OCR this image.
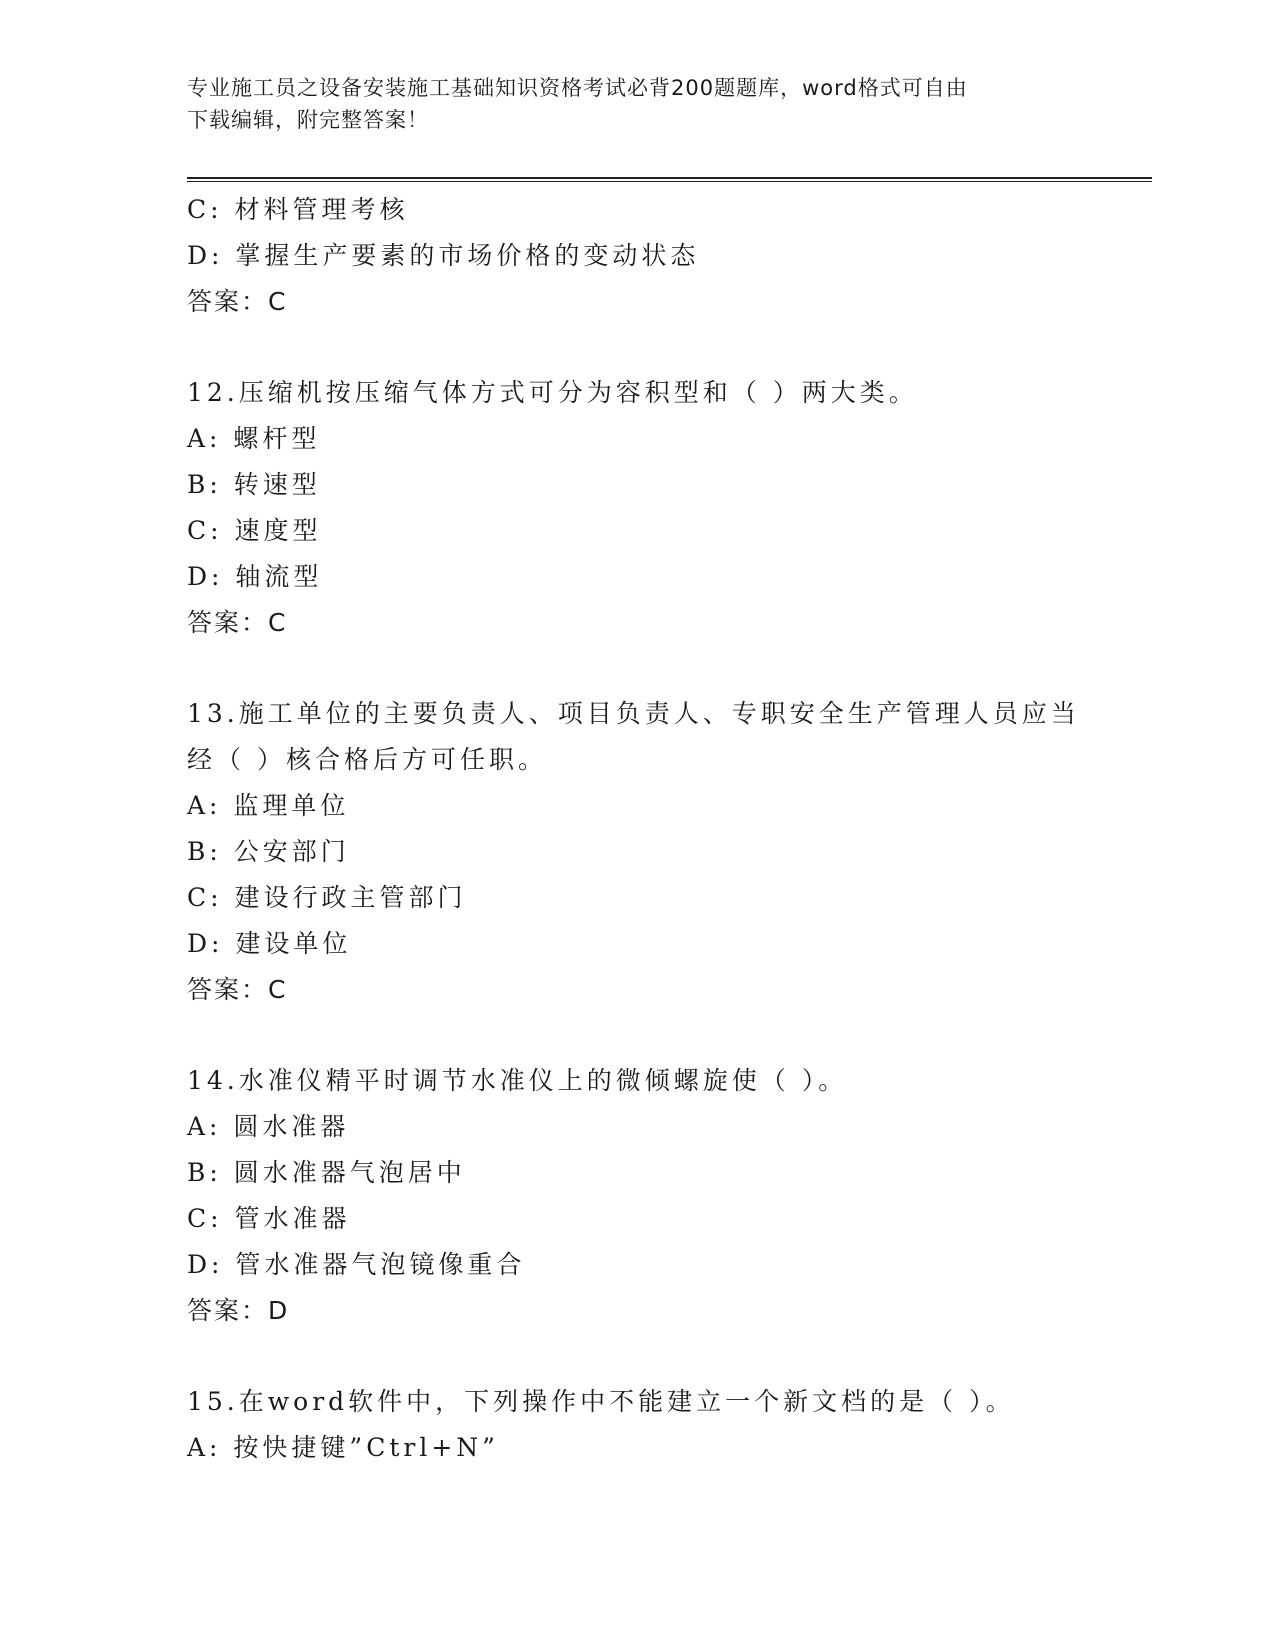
专业施工员之设备安装施工基础知识资格考试必背200题题库，word格式可自由
下载编辑，附完整答案！
C: 材料管理考核
D: 掌握生产要素的市场价格的变动状态
答案：C
12.压缩机按压缩气体方式可分为容积型和（ ）两大类。
A: 螺杆型
B: 转速型
C: 速度型
D: 轴流型
答案：C
13.施工单位的主要负责人、项目负责人、专职安全生产管理人员应当
经（ ）核合格后方可任职。
A: 监理单位
B: 公安部门
C: 建设行政主管部门
D: 建设单位
答案：C
14.水准仪精平时调节水准仪上的微倾螺旋使（ ）。
A: 圆水准器
B: 圆水准器气泡居中
C: 管水准器
D: 管水准器气泡镜像重合
答案：D
15.在word软件中，下列操作中不能建立一个新文档的是（ ）。
A: 按快捷键”Ctrl+N”
